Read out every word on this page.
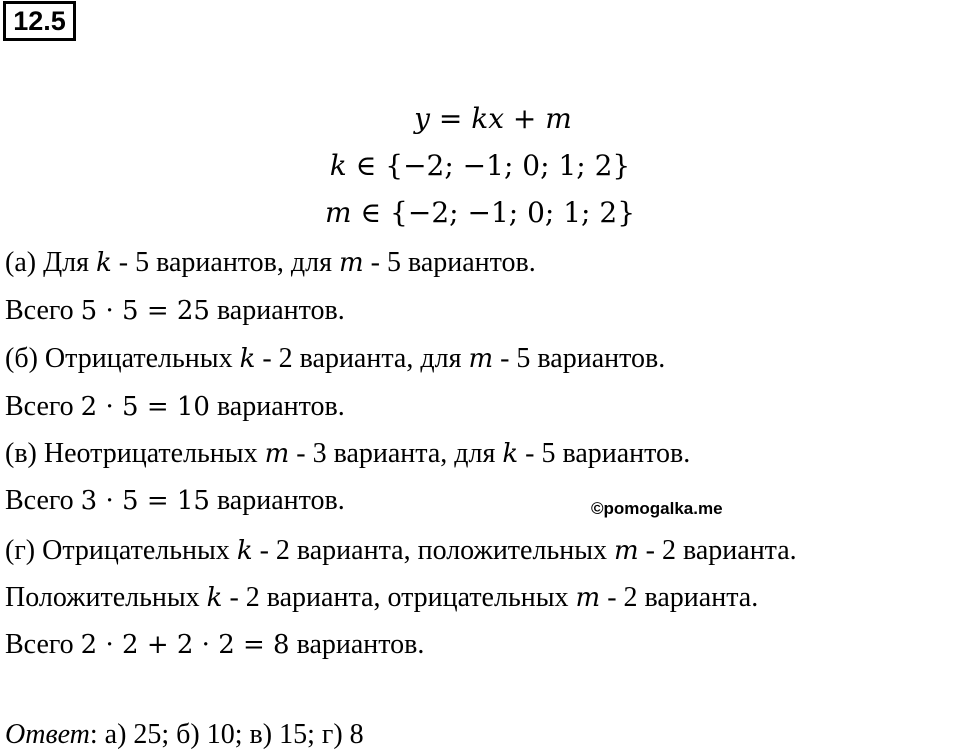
12.5
y = kx + m
k ∈ {−2; −1; 0; 1; 2}
m ∈ {−2; −1; 0; 1; 2}
(а) Для k - 5 вариантов, для m - 5 вариантов.
Всего 5 · 5 = 25 вариантов.
(б) Отрицательных k - 2 варианта, для m - 5 вариантов.
Всего 2 · 5 = 10 вариантов.
(в) Неотрицательных m - 3 варианта, для k - 5 вариантов.
Всего 3 · 5 = 15 вариантов.	©pomogalka.me
(г) Отрицательных k - 2 варианта, положительных m - 2 варианта.
Положительных k - 2 варианта, отрицательных m - 2 варианта.
Всего 2 · 2 + 2 · 2 = 8 вариантов.
Ответ: а) 25; б) 10; в) 15; г) 8
